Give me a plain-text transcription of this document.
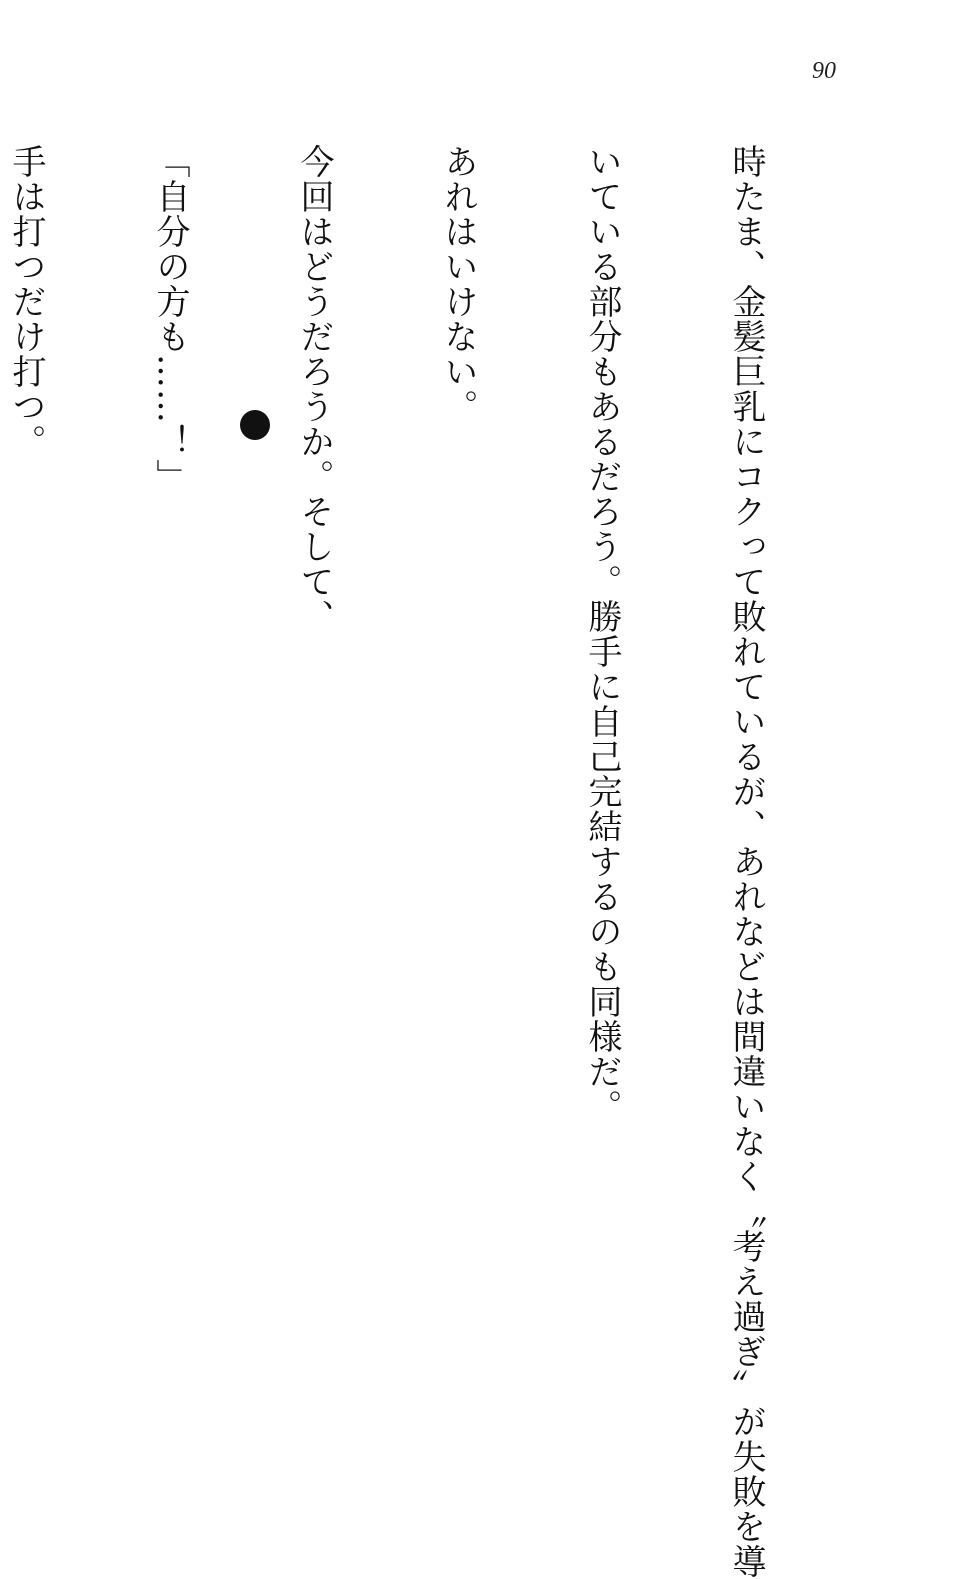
90

時たま、金髪巨乳にコクって敗れているが、あれなどは間違いなく〝考え過ぎ〟が失敗を導

いている部分もあるだろう。勝手に自己完結するのも同様だ。

あれはいけない。

今回はどうだろうか。そして、

「自分の方も……！」

手は打つだけ打つ。
